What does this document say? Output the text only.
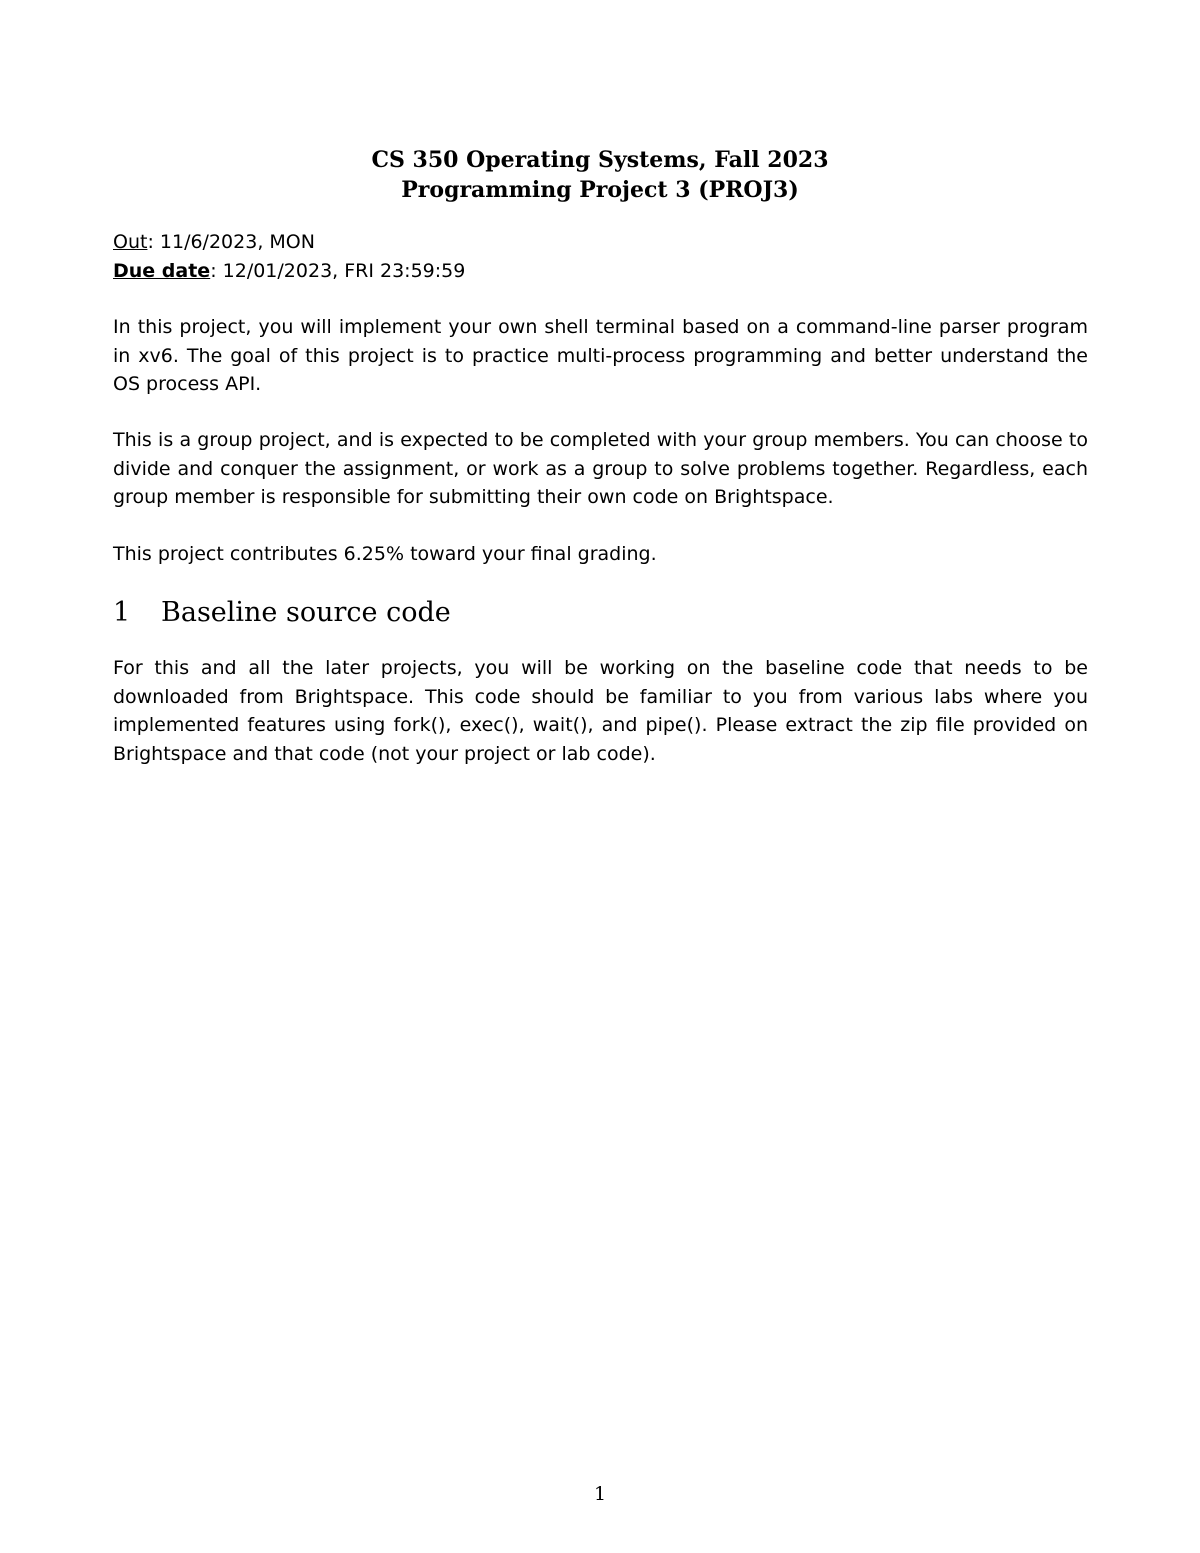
CS 350 Operating Systems, Fall 2023
Programming Project 3 (PROJ3)
Out: 11/6/2023, MON
Due date: 12/01/2023, FRI 23:59:59

In this project, you will implement your own shell terminal based on a command-line parser program in xv6. The goal of this project is to practice multi-process programming and better understand the OS process API.

This is a group project, and is expected to be completed with your group members. You can choose to divide and conquer the assignment, or work as a group to solve problems together. Regardless, each group member is responsible for submitting their own code on Brightspace.

This project contributes 6.25% toward your final grading.

1 Baseline source code

For this and all the later projects, you will be working on the baseline code that needs to be downloaded from Brightspace. This code should be familiar to you from various labs where you implemented features using fork(), exec(), wait(), and pipe(). Please extract the zip file provided on Brightspace and that code (not your project or lab code).

1
